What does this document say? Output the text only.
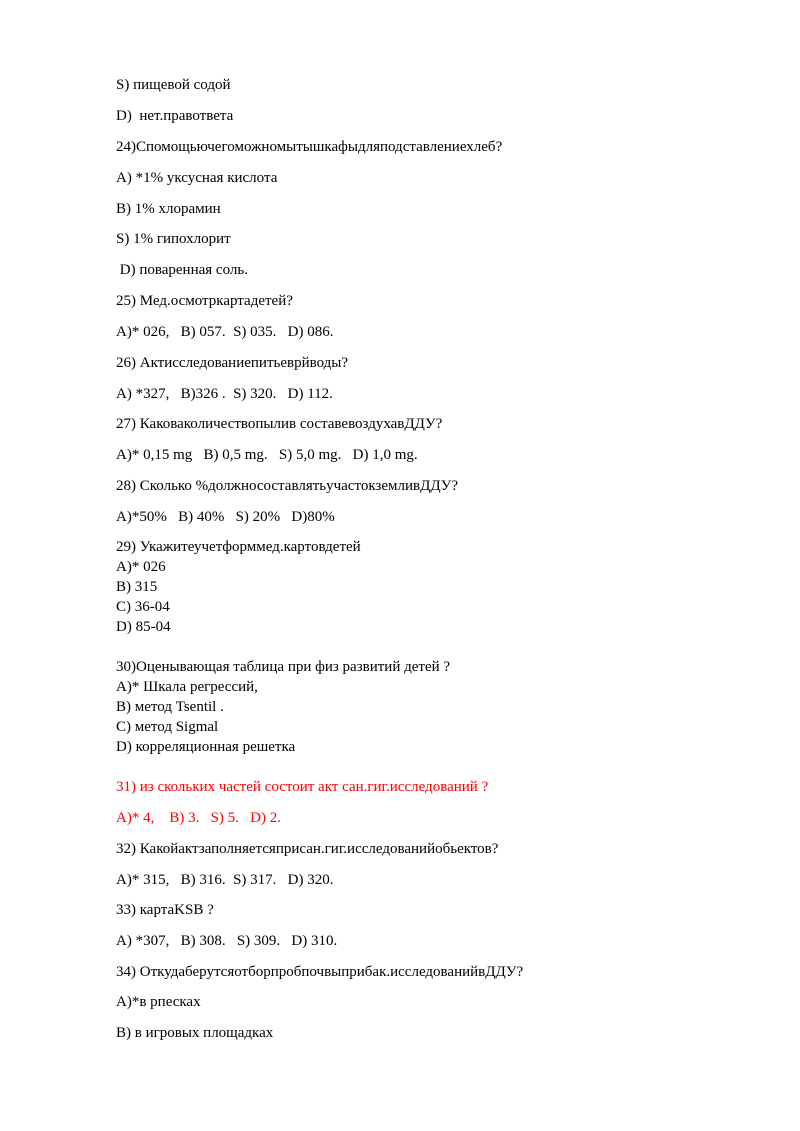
S) пищевой содой
D)  нет.правответа
24)Спомощьючегоможномытышкафыдляподставлениехлеб?
A) *1% уксусная кислота
B) 1% хлорамин
S) 1% гипохлорит
D) поваренная соль.
25) Мед.осмотркартадетей?
A)* 026,   B) 057.  S) 035.   D) 086.
26) Актисследованиепитьеврйводы?
A) *327,   B)326 .  S) 320.   D) 112.
27) Каковаколичествопылив составевоздухавДДУ?
A)* 0,15 mg   B) 0,5 mg.   S) 5,0 mg.   D) 1,0 mg.
28) Сколько %должносоставлятьучастокземливДДУ?
A)*50%   B) 40%   S) 20%   D)80%
29) Укажитеучетформмед.картовдетей
A)* 026
B) 315
C) 36-04
D) 85-04
30)Оценывающая таблица при физ развитий детей ?
A)* Шкала регрессий,
B) метод Tsentil .
C) метод Sigmal
D) корреляционная решетка
31) из скольких частей состоит акт сан.гиг.исследований ?
A)* 4,    B) 3.   S) 5.   D) 2.
32) Какойактзаполняетсяприсан.гиг.исследованийобьектов?
A)* 315,   B) 316.  S) 317.   D) 320.
33) картаKSB ?
A) *307,   B) 308.   S) 309.   D) 310.
34) Откудаберутсяотборпробпочвыприбак.исследованийвДДУ?
A)*в рпесках
B) в игровых площадках
